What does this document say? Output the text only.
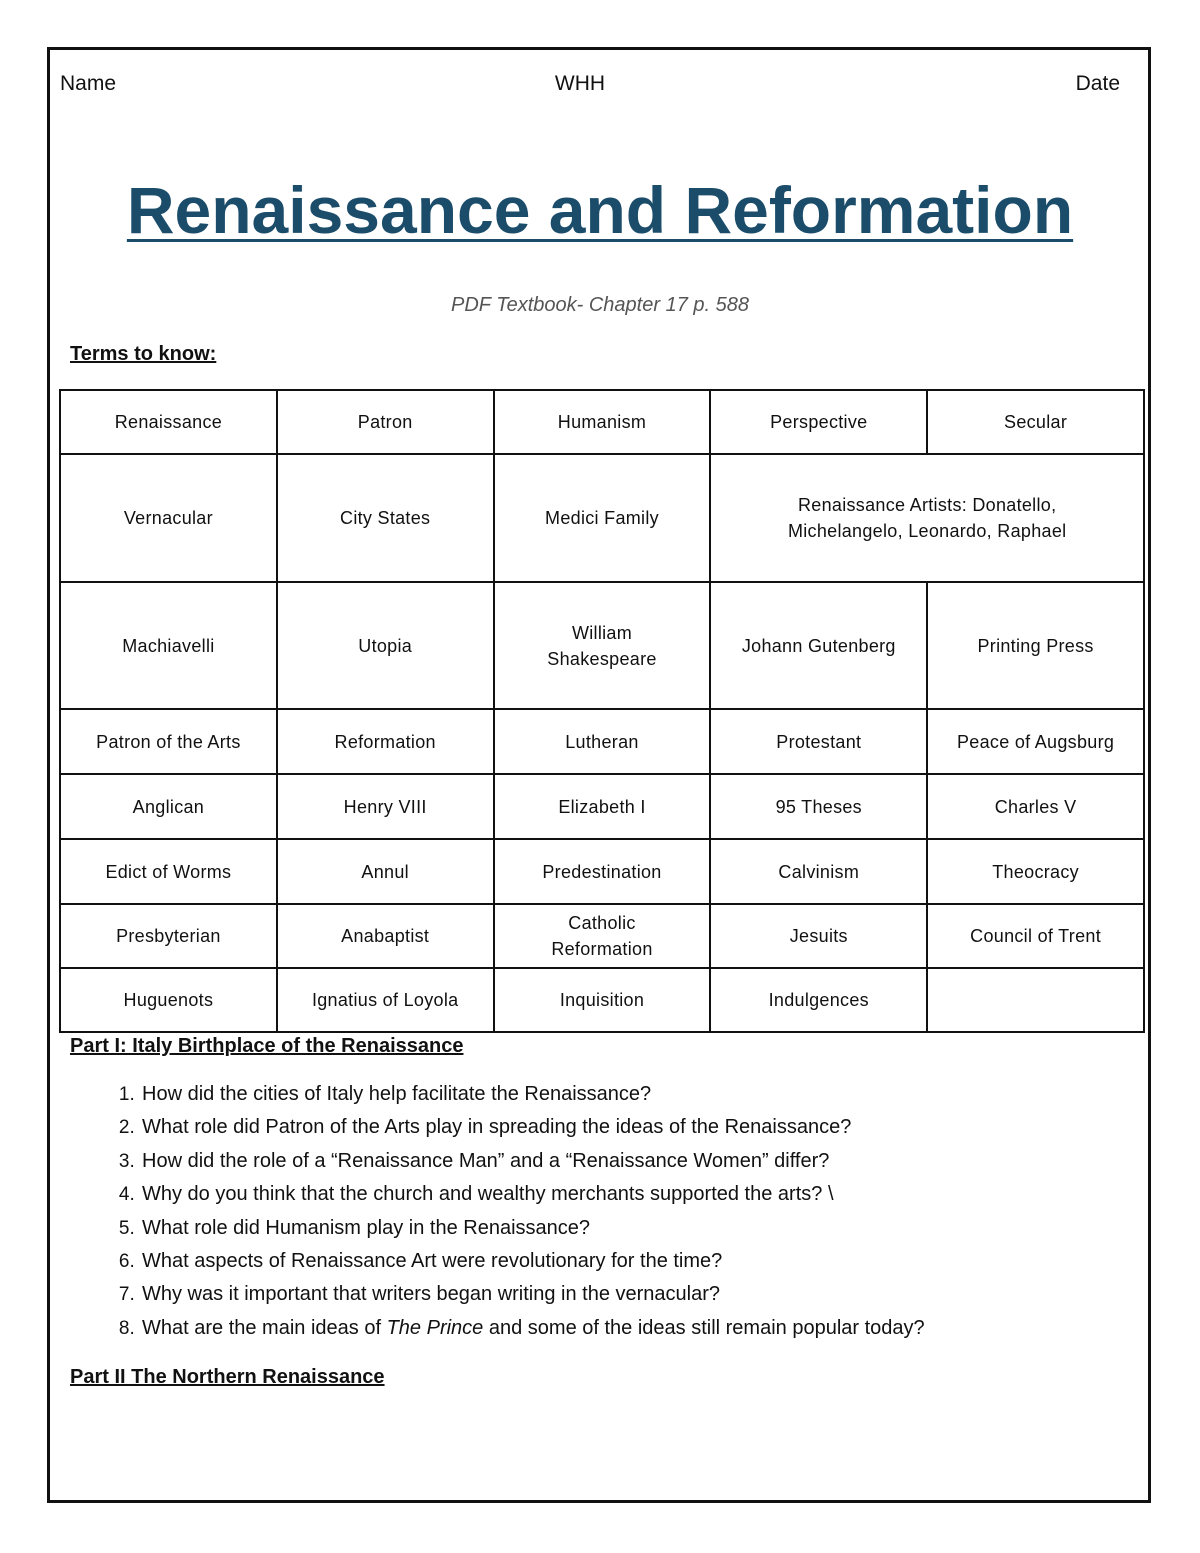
Name	WHH	Date
Renaissance and Reformation
PDF Textbook- Chapter 17 p. 588
Terms to know:
Renaissance	Patron	Humanism	Perspective	Secular
Vernacular	City States	Medici Family	Renaissance Artists: Donatello, Michelangelo, Leonardo, Raphael	
Machiavelli	Utopia	William Shakespeare	Johann Gutenberg	Printing Press
Patron of the Arts	Reformation	Lutheran	Protestant	Peace of Augsburg
Anglican	Henry VIII	Elizabeth I	95 Theses	Charles V
Edict of Worms	Annul	Predestination	Calvinism	Theocracy
Presbyterian	Anabaptist	Catholic Reformation	Jesuits	Council of Trent
Huguenots	Ignatius of Loyola	Inquisition	Indulgences	
Part I: Italy Birthplace of the Renaissance
1. How did the cities of Italy help facilitate the Renaissance?
2. What role did Patron of the Arts play in spreading the ideas of the Renaissance?
3. How did the role of a “Renaissance Man” and a “Renaissance Women” differ?
4. Why do you think that the church and wealthy merchants supported the arts? \
5. What role did Humanism play in the Renaissance?
6. What aspects of Renaissance Art were revolutionary for the time?
7. Why was it important that writers began writing in the vernacular?
8. What are the main ideas of The Prince and some of the ideas still remain popular today?
Part II The Northern Renaissance
